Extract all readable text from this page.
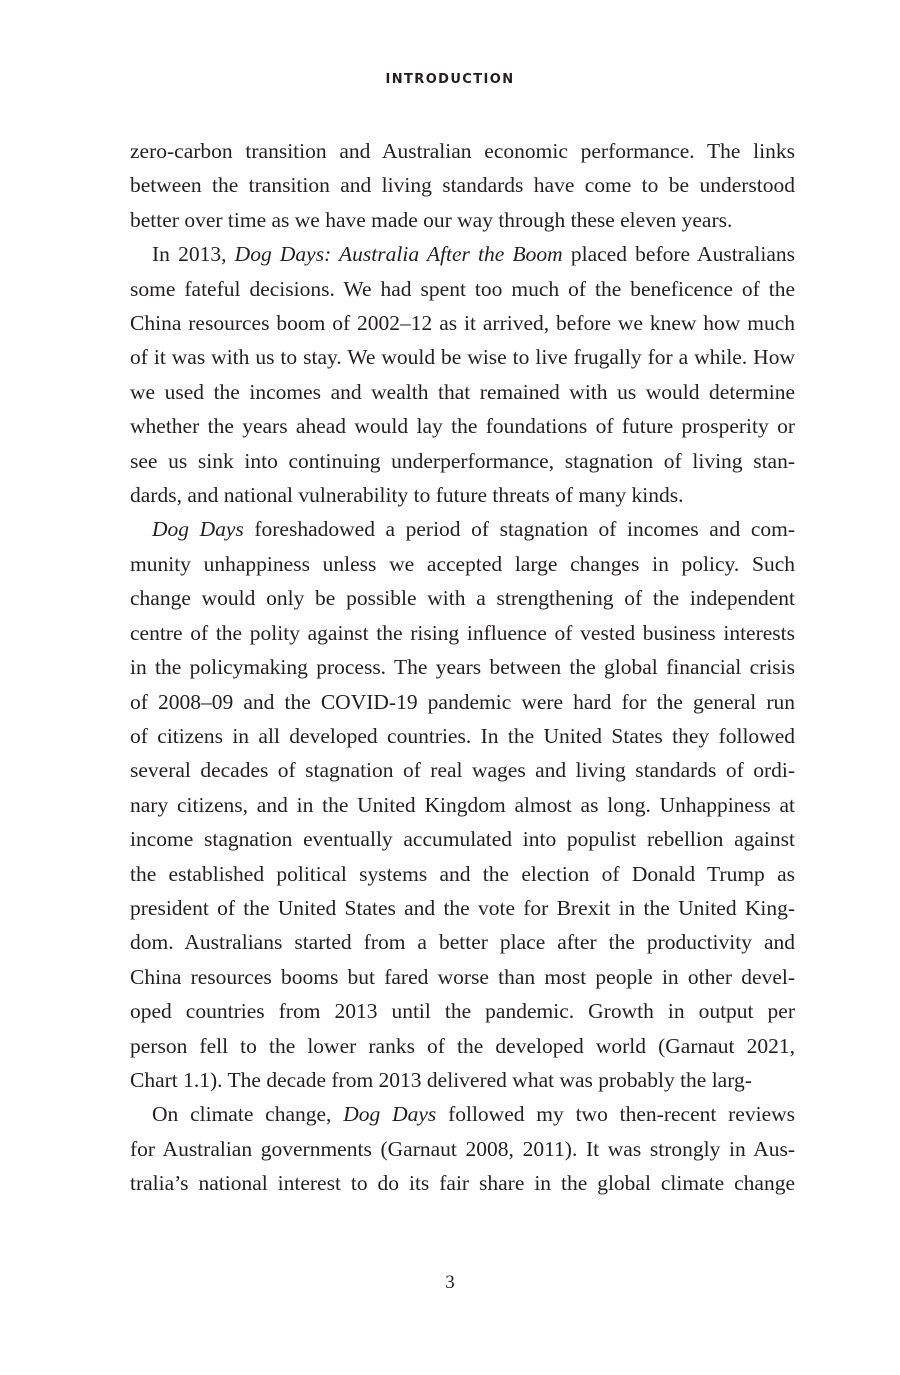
INTRODUCTION

zero-carbon transition and Australian economic performance. The links
between the transition and living standards have come to be understood
better over time as we have made our way through these eleven years.

In 2013, Dog Days: Australia After the Boom placed before Australians
some fateful decisions. We had spent too much of the beneficence of the
China resources boom of 2002–12 as it arrived, before we knew how much
of it was with us to stay. We would be wise to live frugally for a while. How
we used the incomes and wealth that remained with us would determine
whether the years ahead would lay the foundations of future prosperity or
see us sink into continuing underperformance, stagnation of living stan-
dards, and national vulnerability to future threats of many kinds.

Dog Days foreshadowed a period of stagnation of incomes and com-
munity unhappiness unless we accepted large changes in policy. Such
change would only be possible with a strengthening of the independent
centre of the polity against the rising influence of vested business interests
in the policymaking process. The years between the global financial crisis
of 2008–09 and the COVID-19 pandemic were hard for the general run
of citizens in all developed countries. In the United States they followed
several decades of stagnation of real wages and living standards of ordi-
nary citizens, and in the United Kingdom almost as long. Unhappiness at
income stagnation eventually accumulated into populist rebellion against
the established political systems and the election of Donald Trump as
president of the United States and the vote for Brexit in the United King-
dom. Australians started from a better place after the productivity and
China resources booms but fared worse than most people in other devel-
oped countries from 2013 until the pandemic. Growth in output per
person fell to the lower ranks of the developed world (Garnaut 2021,
Chart 1.1). The decade from 2013 delivered what was probably the larg-

On climate change, Dog Days followed my two then-recent reviews
for Australian governments (Garnaut 2008, 2011). It was strongly in Aus-
tralia’s national interest to do its fair share in the global climate change

3
